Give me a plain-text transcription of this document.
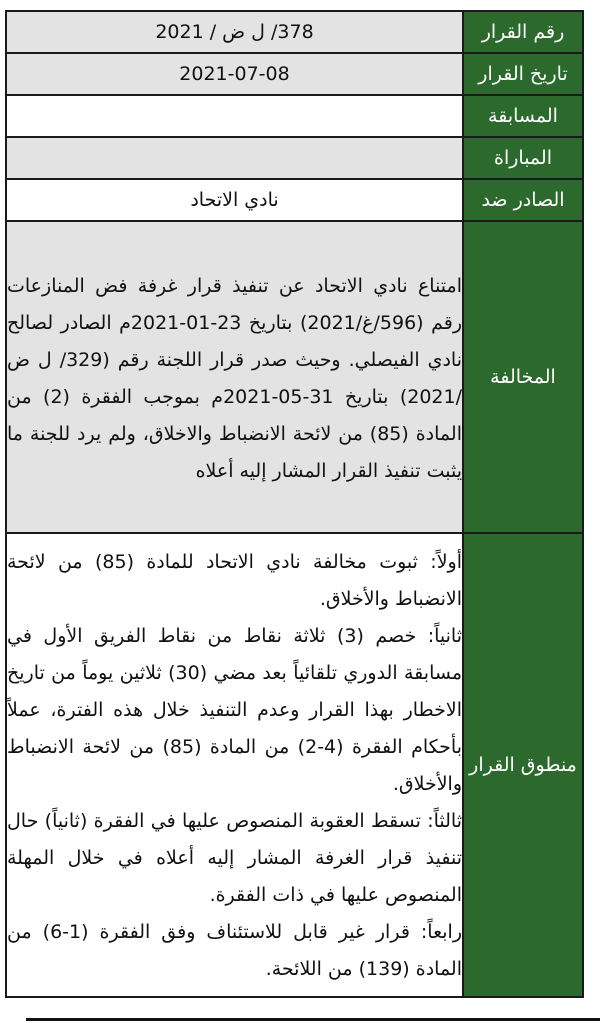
رقم القرار	378/ ل ض / 2021
تاريخ القرار	2021-07-08
المسابقة	
المباراة	
الصادر ضد	نادي الاتحاد
المخالفة	امتناع نادي الاتحاد عن تنفيذ قرار غرفة فض المنازعات رقم (596/غ/2021) بتاريخ 23-01-2021م الصادر لصالح نادي الفيصلي. وحيث صدر قرار اللجنة رقم (329/ ل ض /2021) بتاريخ 31-05-2021م بموجب الفقرة (2) من المادة (85) من لائحة الانضباط والاخلاق، ولم يرد للجنة ما يثبت تنفيذ القرار المشار إليه أعلاه
منطوق القرار	أولاً: ثبوت مخالفة نادي الاتحاد للمادة (85) من لائحة الانضباط والأخلاق.
ثانياً: خصم (3) ثلاثة نقاط من نقاط الفريق الأول في مسابقة الدوري تلقائياً بعد مضي (30) ثلاثين يوماً من تاريخ الاخطار بهذا القرار وعدم التنفيذ خلال هذه الفترة، عملاً بأحكام الفقرة (4-2) من المادة (85) من لائحة الانضباط والأخلاق.
ثالثاً: تسقط العقوبة المنصوص عليها في الفقرة (ثانياً) حال تنفيذ قرار الغرفة المشار إليه أعلاه في خلال المهلة المنصوص عليها في ذات الفقرة.
رابعاً: قرار غير قابل للاستئناف وفق الفقرة (1-6) من المادة (139) من اللائحة.
